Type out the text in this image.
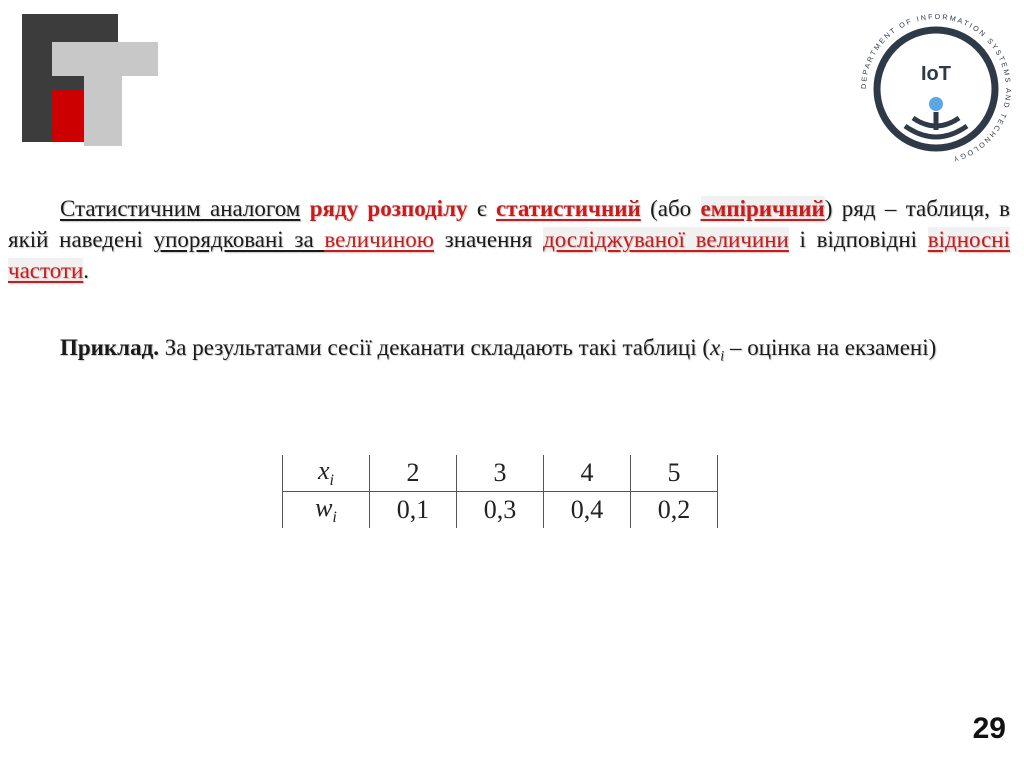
DEPARTMENT OF INFORMATION SYSTEMS AND TECHNOLOGY
IoT
Статистичним аналогом ряду розподілу є статистичний (або емпіричний) ряд – таблиця, в якій наведені упорядковані за величиною значення досліджуваної величини і відповідні відносні частоти.
Приклад. За результатами сесії деканати складають такі таблиці ($x_i$ – оцінка на екзамені)
$x_i$	2	3	4	5
$w_i$	0,1	0,3	0,4	0,2
29
